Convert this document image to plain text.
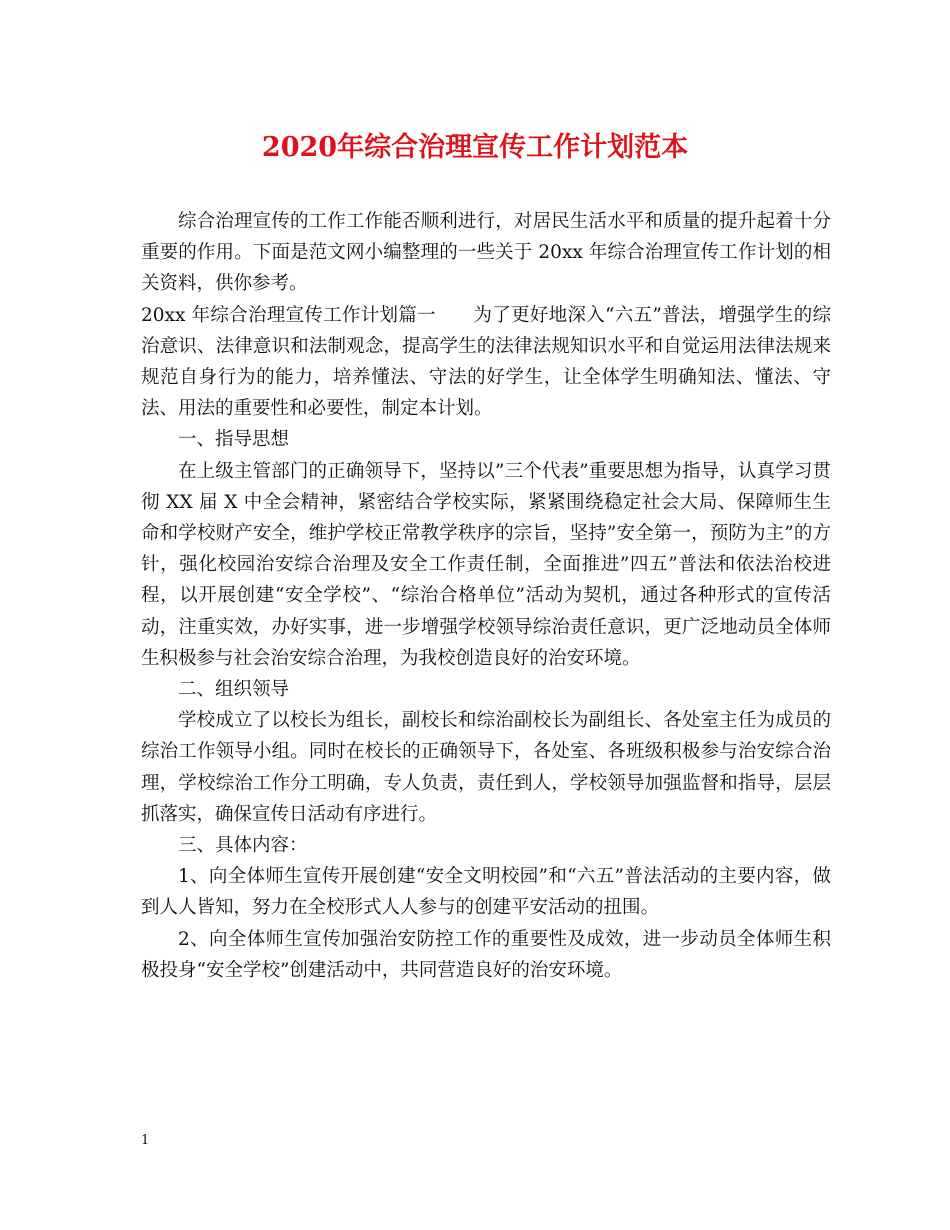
2020年综合治理宣传工作计划范本

综合治理宣传的工作工作能否顺利进行，对居民生活水平和质量的提升起着十分重要的作用。下面是范文网小编整理的一些关于 20xx 年综合治理宣传工作计划的相关资料，供你参考。

20xx 年综合治理宣传工作计划篇一　　为了更好地深入“六五”普法，增强学生的综治意识、法律意识和法制观念，提高学生的法律法规知识水平和自觉运用法律法规来规范自身行为的能力，培养懂法、守法的好学生，让全体学生明确知法、懂法、守法、用法的重要性和必要性，制定本计划。

一、指导思想

在上级主管部门的正确领导下，坚持以”三个代表”重要思想为指导，认真学习贯彻 XX 届 X 中全会精神，紧密结合学校实际，紧紧围绕稳定社会大局、保障师生生命和学校财产安全，维护学校正常教学秩序的宗旨，坚持”安全第一，预防为主”的方针，强化校园治安综合治理及安全工作责任制，全面推进”四五”普法和依法治校进程，以开展创建“安全学校”、“综治合格单位”活动为契机，通过各种形式的宣传活动，注重实效，办好实事，进一步增强学校领导综治责任意识，更广泛地动员全体师生积极参与社会治安综合治理，为我校创造良好的治安环境。

二、组织领导

学校成立了以校长为组长，副校长和综治副校长为副组长、各处室主任为成员的综治工作领导小组。同时在校长的正确领导下，各处室、各班级积极参与治安综合治理，学校综治工作分工明确，专人负责，责任到人，学校领导加强监督和指导，层层抓落实，确保宣传日活动有序进行。

三、具体内容：

1、向全体师生宣传开展创建“安全文明校园”和“六五”普法活动的主要内容，做到人人皆知，努力在全校形式人人参与的创建平安活动的扭围。

2、向全体师生宣传加强治安防控工作的重要性及成效，进一步动员全体师生积极投身“安全学校”创建活动中，共同营造良好的治安环境。

1
